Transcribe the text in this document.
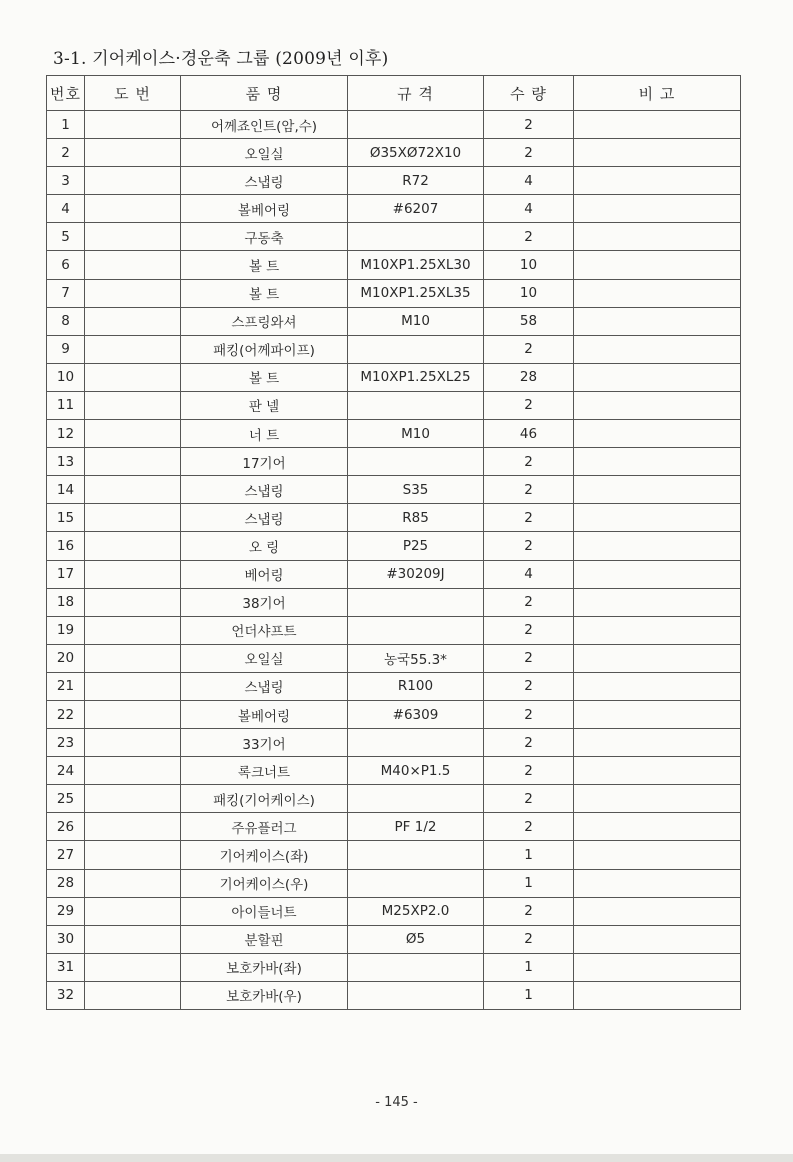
3-1. 기어케이스·경운축 그룹 (2009년 이후)
번호	도 번	품 명	규 격	수 량	비 고
1		어께죠인트(암,수)		2	
2		오일실	Ø35XØ72X10	2	
3		스냅링	R72	4	
4		볼베어링	#6207	4	
5		구동축		2	
6		볼 트	M10XP1.25XL30	10	
7		볼 트	M10XP1.25XL35	10	
8		스프링와셔	M10	58	
9		패킹(어께파이프)		2	
10		볼 트	M10XP1.25XL25	28	
11		판 넬		2	
12		너 트	M10	46	
13		17기어		2	
14		스냅링	S35	2	
15		스냅링	R85	2	
16		오 링	P25	2	
17		베어링	#30209J	4	
18		38기어		2	
19		언더샤프트		2	
20		오일실	농국55.3*	2	
21		스냅링	R100	2	
22		볼베어링	#6309	2	
23		33기어		2	
24		록크너트	M40×P1.5	2	
25		패킹(기어케이스)		2	
26		주유플러그	PF 1/2	2	
27		기어케이스(좌)		1	
28		기어케이스(우)		1	
29		아이들너트	M25XP2.0	2	
30		분할핀	Ø5	2	
31		보호카바(좌)		1	
32		보호카바(우)		1	
- 145 -
